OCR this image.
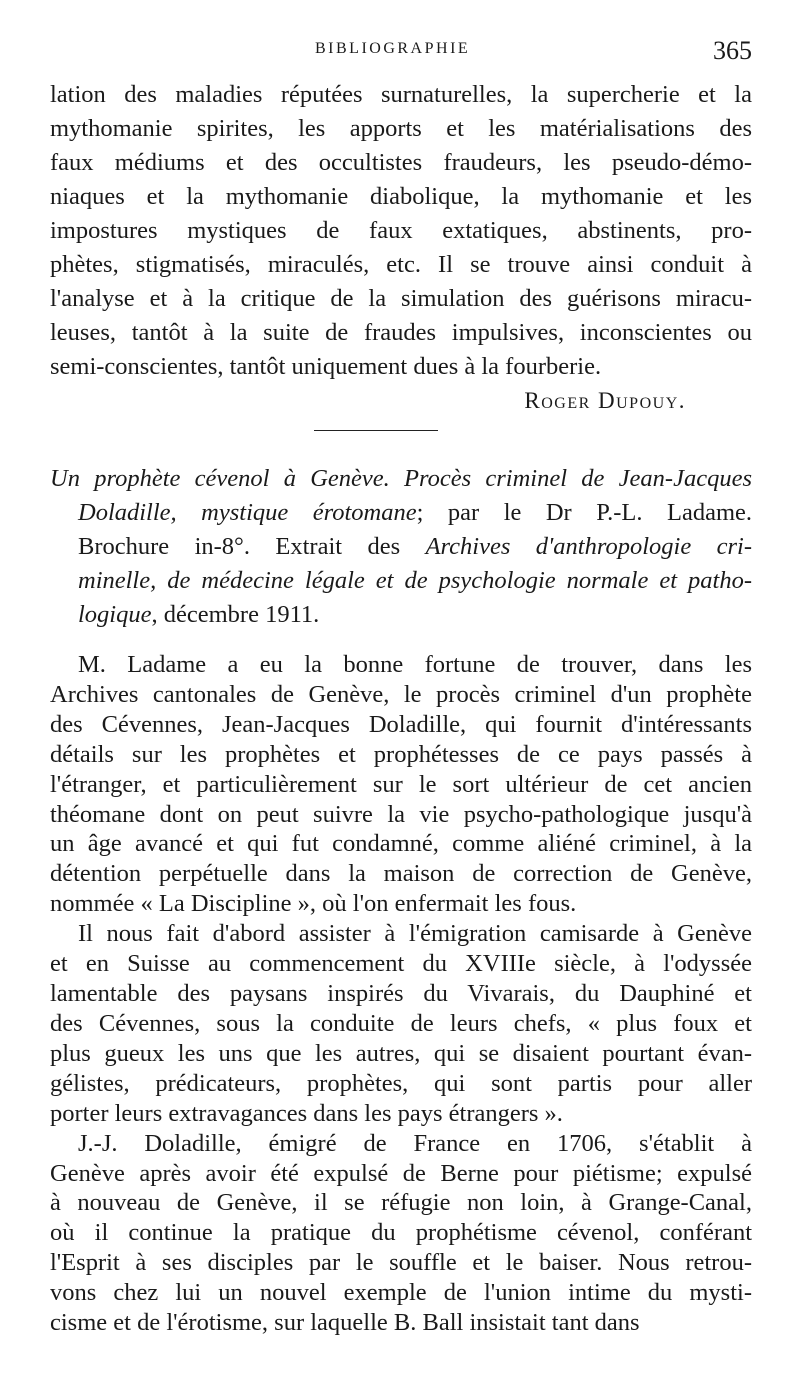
BIBLIOGRAPHIE	365
lation des maladies réputées surnaturelles, la supercherie et la
mythomanie spirites, les apports et les matérialisations des
faux médiums et des occultistes fraudeurs, les pseudo-démo-
niaques et la mythomanie diabolique, la mythomanie et les
impostures mystiques de faux extatiques, abstinents, pro-
phètes, stigmatisés, miraculés, etc. Il se trouve ainsi conduit à
l'analyse et à la critique de la simulation des guérisons miracu-
leuses, tantôt à la suite de fraudes impulsives, inconscientes ou
semi-conscientes, tantôt uniquement dues à la fourberie.
Roger Dupouy.
Un prophète cévenol à Genève. Procès criminel de Jean-Jacques
Doladille, mystique érotomane; par le Dr P.-L. Ladame.
Brochure in-8°. Extrait des Archives d'anthropologie cri-
minelle, de médecine légale et de psychologie normale et patho-
logique, décembre 1911.
M. Ladame a eu la bonne fortune de trouver, dans les
Archives cantonales de Genève, le procès criminel d'un prophète
des Cévennes, Jean-Jacques Doladille, qui fournit d'intéressants
détails sur les prophètes et prophétesses de ce pays passés à
l'étranger, et particulièrement sur le sort ultérieur de cet ancien
théomane dont on peut suivre la vie psycho-pathologique jusqu'à
un âge avancé et qui fut condamné, comme aliéné criminel, à la
détention perpétuelle dans la maison de correction de Genève,
nommée « La Discipline », où l'on enfermait les fous.
Il nous fait d'abord assister à l'émigration camisarde à Genève
et en Suisse au commencement du XVIIIe siècle, à l'odyssée
lamentable des paysans inspirés du Vivarais, du Dauphiné et
des Cévennes, sous la conduite de leurs chefs, « plus foux et
plus gueux les uns que les autres, qui se disaient pourtant évan-
gélistes, prédicateurs, prophètes, qui sont partis pour aller
porter leurs extravagances dans les pays étrangers ».
J.-J. Doladille, émigré de France en 1706, s'établit à
Genève après avoir été expulsé de Berne pour piétisme; expulsé
à nouveau de Genève, il se réfugie non loin, à Grange-Canal,
où il continue la pratique du prophétisme cévenol, conférant
l'Esprit à ses disciples par le souffle et le baiser. Nous retrou-
vons chez lui un nouvel exemple de l'union intime du mysti-
cisme et de l'érotisme, sur laquelle B. Ball insistait tant dans
